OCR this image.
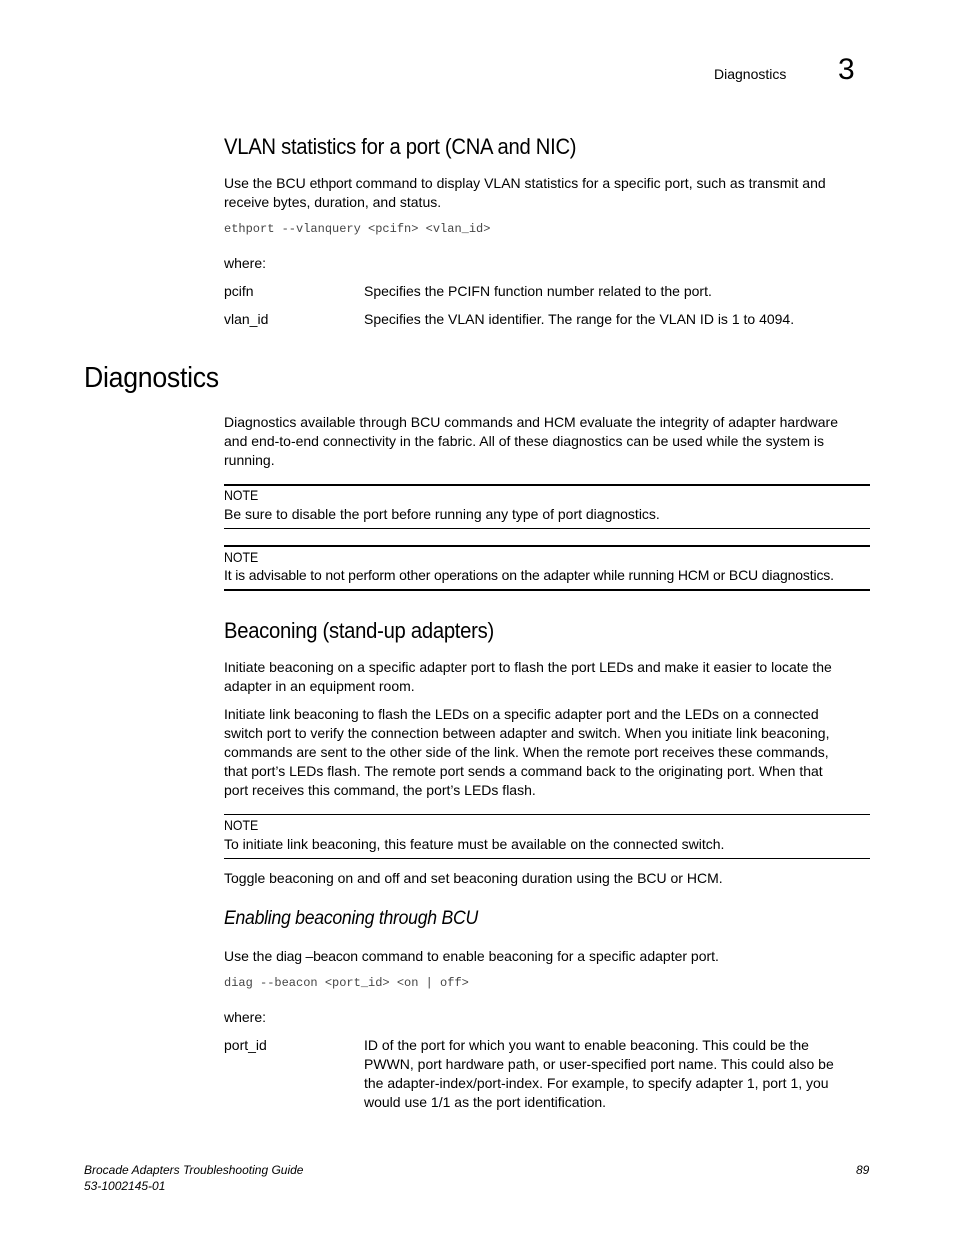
Diagnostics 3
VLAN statistics for a port (CNA and NIC)
Use the BCU ethport command to display VLAN statistics for a specific port, such as transmit and
receive bytes, duration, and status.
ethport --vlanquery <pcifn> <vlan_id>
where:
pcifn	Specifies the PCIFN function number related to the port.
vlan_id	Specifies the VLAN identifier. The range for the VLAN ID is 1 to 4094.
Diagnostics
Diagnostics available through BCU commands and HCM evaluate the integrity of adapter hardware
and end-to-end connectivity in the fabric. All of these diagnostics can be used while the system is
running.
NOTE
Be sure to disable the port before running any type of port diagnostics.
NOTE
It is advisable to not perform other operations on the adapter while running HCM or BCU diagnostics.
Beaconing (stand-up adapters)
Initiate beaconing on a specific adapter port to flash the port LEDs and make it easier to locate the
adapter in an equipment room.
Initiate link beaconing to flash the LEDs on a specific adapter port and the LEDs on a connected
switch port to verify the connection between adapter and switch. When you initiate link beaconing,
commands are sent to the other side of the link. When the remote port receives these commands,
that port’s LEDs flash. The remote port sends a command back to the originating port. When that
port receives this command, the port’s LEDs flash.
NOTE
To initiate link beaconing, this feature must be available on the connected switch.
Toggle beaconing on and off and set beaconing duration using the BCU or HCM.
Enabling beaconing through BCU
Use the diag –beacon command to enable beaconing for a specific adapter port.
diag --beacon <port_id> <on | off>
where:
port_id	ID of the port for which you want to enable beaconing. This could be the
PWWN, port hardware path, or user-specified port name. This could also be
the adapter-index/port-index. For example, to specify adapter 1, port 1, you
would use 1/1 as the port identification.
Brocade Adapters Troubleshooting Guide
53-1002145-01
89
